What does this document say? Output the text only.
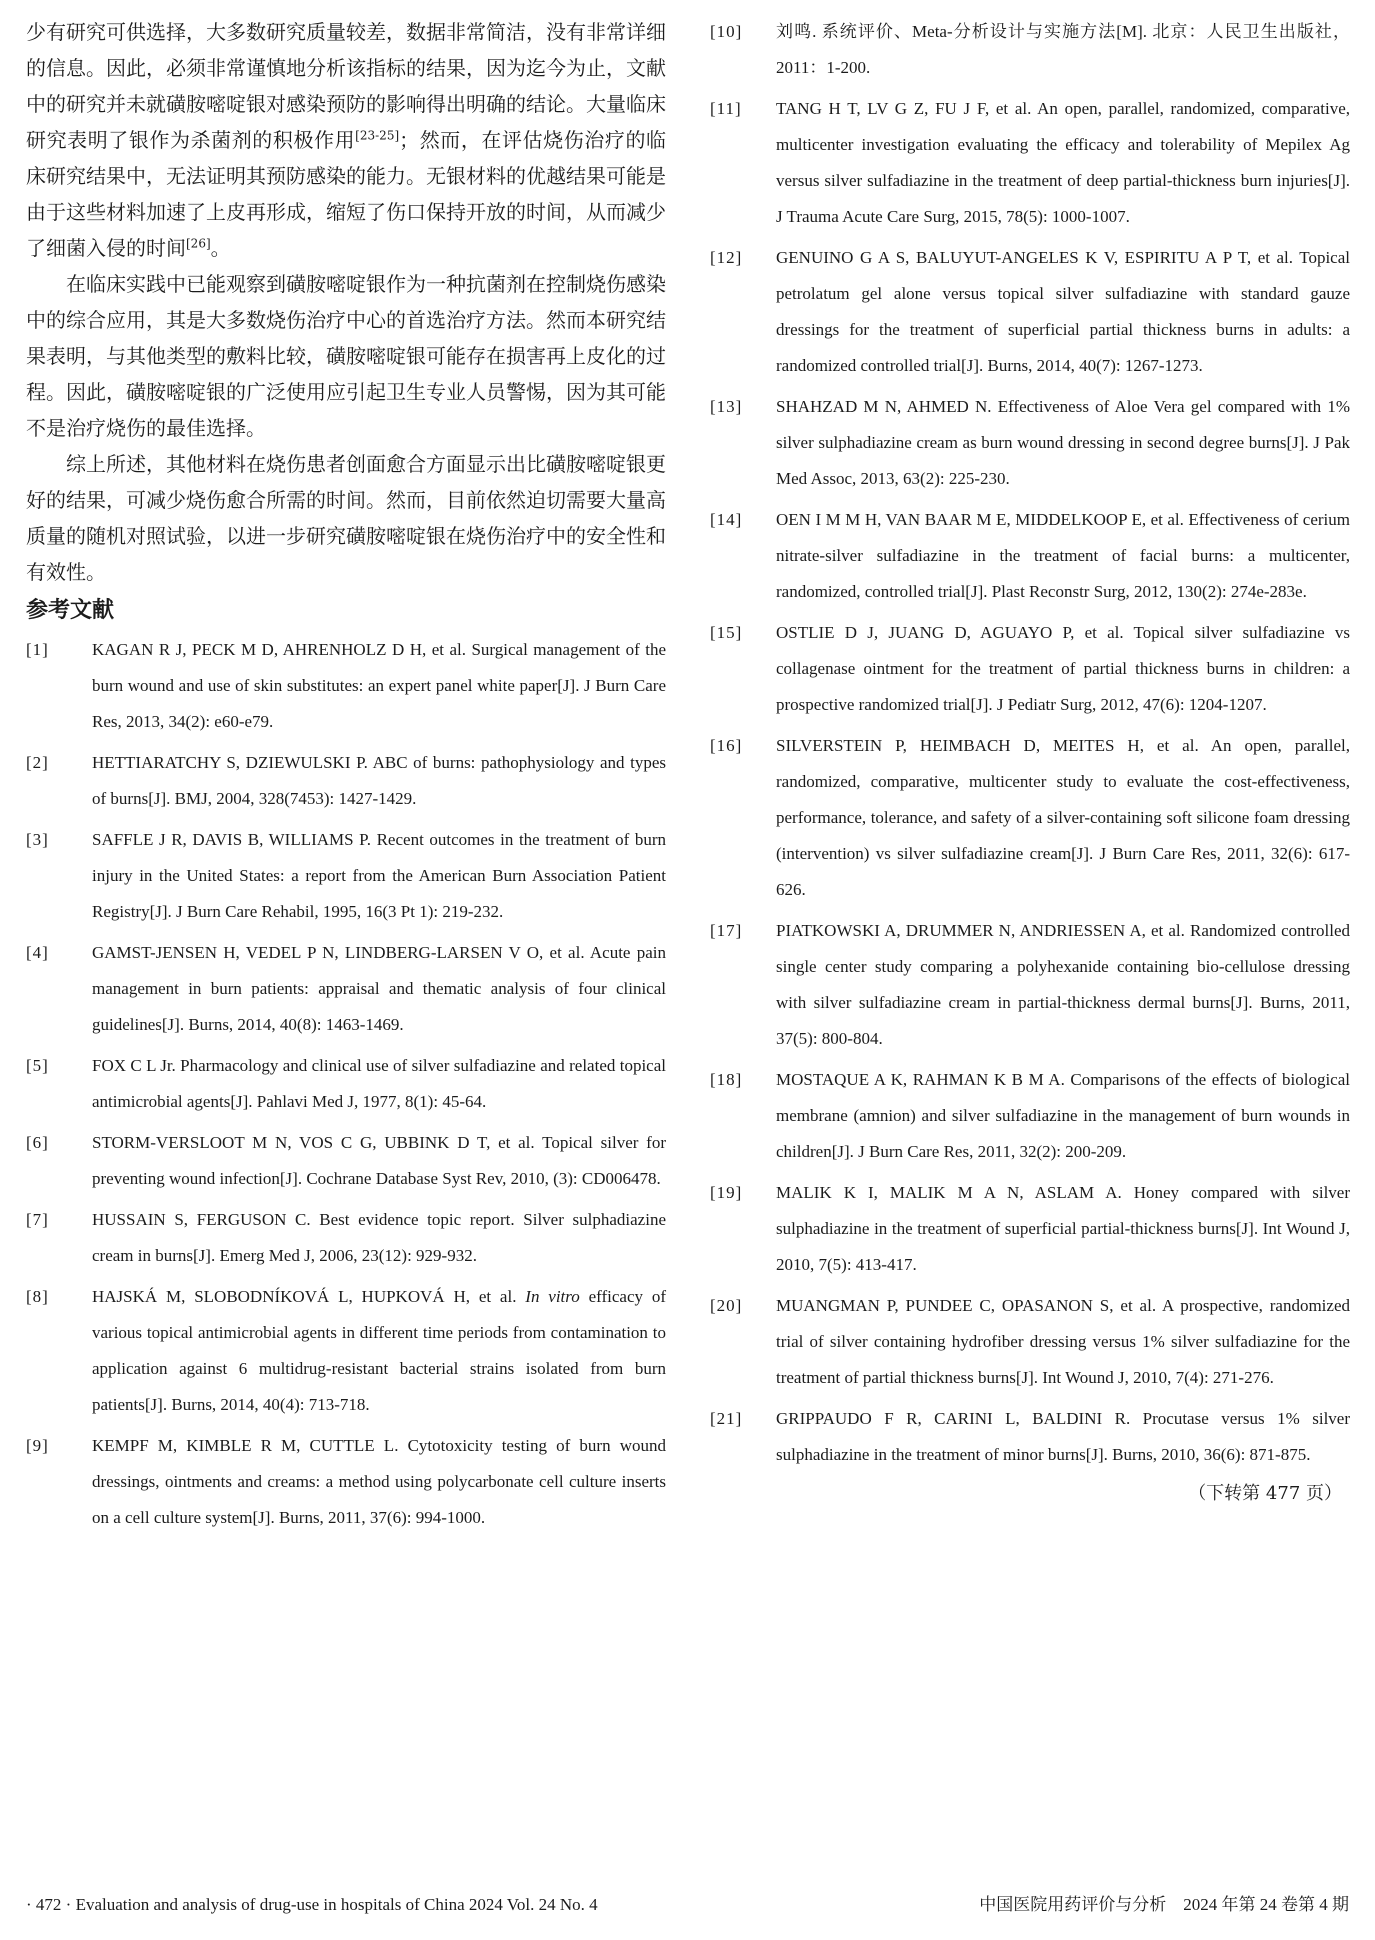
少有研究可供选择，大多数研究质量较差，数据非常简洁，没有非常详细的信息。因此，必须非常谨慎地分析该指标的结果，因为迄今为止，文献中的研究并未就磺胺嘧啶银对感染预防的影响得出明确的结论。大量临床研究表明了银作为杀菌剂的积极作用[23-25]；然而，在评估烧伤治疗的临床研究结果中，无法证明其预防感染的能力。无银材料的优越结果可能是由于这些材料加速了上皮再形成，缩短了伤口保持开放的时间，从而减少了细菌入侵的时间[26]。

在临床实践中已能观察到磺胺嘧啶银作为一种抗菌剂在控制烧伤感染中的综合应用，其是大多数烧伤治疗中心的首选治疗方法。然而本研究结果表明，与其他类型的敷料比较，磺胺嘧啶银可能存在损害再上皮化的过程。因此，磺胺嘧啶银的广泛使用应引起卫生专业人员警惕，因为其可能不是治疗烧伤的最佳选择。

综上所述，其他材料在烧伤患者创面愈合方面显示出比磺胺嘧啶银更好的结果，可减少烧伤愈合所需的时间。然而，目前依然迫切需要大量高质量的随机对照试验，以进一步研究磺胺嘧啶银在烧伤治疗中的安全性和有效性。

参考文献
[1]	KAGAN R J, PECK M D, AHRENHOLZ D H, et al. Surgical management of the burn wound and use of skin substitutes: an expert panel white paper[J]. J Burn Care Res, 2013, 34(2): e60-e79.
[2]	HETTIARATCHY S, DZIEWULSKI P. ABC of burns: pathophysiology and types of burns[J]. BMJ, 2004, 328(7453): 1427-1429.
[3]	SAFFLE J R, DAVIS B, WILLIAMS P. Recent outcomes in the treatment of burn injury in the United States: a report from the American Burn Association Patient Registry[J]. J Burn Care Rehabil, 1995, 16(3 Pt 1): 219-232.
[4]	GAMST-JENSEN H, VEDEL P N, LINDBERG-LARSEN V O, et al. Acute pain management in burn patients: appraisal and thematic analysis of four clinical guidelines[J]. Burns, 2014, 40(8): 1463-1469.
[5]	FOX C L Jr. Pharmacology and clinical use of silver sulfadiazine and related topical antimicrobial agents[J]. Pahlavi Med J, 1977, 8(1): 45-64.
[6]	STORM-VERSLOOT M N, VOS C G, UBBINK D T, et al. Topical silver for preventing wound infection[J]. Cochrane Database Syst Rev, 2010, (3): CD006478.
[7]	HUSSAIN S, FERGUSON C. Best evidence topic report. Silver sulphadiazine cream in burns[J]. Emerg Med J, 2006, 23(12): 929-932.
[8]	HAJSKÁ M, SLOBODNÍKOVÁ L, HUPKOVÁ H, et al. In vitro efficacy of various topical antimicrobial agents in different time periods from contamination to application against 6 multidrug-resistant bacterial strains isolated from burn patients[J]. Burns, 2014, 40(4): 713-718.
[9]	KEMPF M, KIMBLE R M, CUTTLE L. Cytotoxicity testing of burn wound dressings, ointments and creams: a method using polycarbonate cell culture inserts on a cell culture system[J]. Burns, 2011, 37(6): 994-1000.
[10]	刘鸣. 系统评价、Meta-分析设计与实施方法[M]. 北京：人民卫生出版社，2011：1-200.
[11]	TANG H T, LV G Z, FU J F, et al. An open, parallel, randomized, comparative, multicenter investigation evaluating the efficacy and tolerability of Mepilex Ag versus silver sulfadiazine in the treatment of deep partial-thickness burn injuries[J]. J Trauma Acute Care Surg, 2015, 78(5): 1000-1007.
[12]	GENUINO G A S, BALUYUT-ANGELES K V, ESPIRITU A P T, et al. Topical petrolatum gel alone versus topical silver sulfadiazine with standard gauze dressings for the treatment of superficial partial thickness burns in adults: a randomized controlled trial[J]. Burns, 2014, 40(7): 1267-1273.
[13]	SHAHZAD M N, AHMED N. Effectiveness of Aloe Vera gel compared with 1% silver sulphadiazine cream as burn wound dressing in second degree burns[J]. J Pak Med Assoc, 2013, 63(2): 225-230.
[14]	OEN I M M H, VAN BAAR M E, MIDDELKOOP E, et al. Effectiveness of cerium nitrate-silver sulfadiazine in the treatment of facial burns: a multicenter, randomized, controlled trial[J]. Plast Reconstr Surg, 2012, 130(2): 274e-283e.
[15]	OSTLIE D J, JUANG D, AGUAYO P, et al. Topical silver sulfadiazine vs collagenase ointment for the treatment of partial thickness burns in children: a prospective randomized trial[J]. J Pediatr Surg, 2012, 47(6): 1204-1207.
[16]	SILVERSTEIN P, HEIMBACH D, MEITES H, et al. An open, parallel, randomized, comparative, multicenter study to evaluate the cost-effectiveness, performance, tolerance, and safety of a silver-containing soft silicone foam dressing (intervention) vs silver sulfadiazine cream[J]. J Burn Care Res, 2011, 32(6): 617-626.
[17]	PIATKOWSKI A, DRUMMER N, ANDRIESSEN A, et al. Randomized controlled single center study comparing a polyhexanide containing bio-cellulose dressing with silver sulfadiazine cream in partial-thickness dermal burns[J]. Burns, 2011, 37(5): 800-804.
[18]	MOSTAQUE A K, RAHMAN K B M A. Comparisons of the effects of biological membrane (amnion) and silver sulfadiazine in the management of burn wounds in children[J]. J Burn Care Res, 2011, 32(2): 200-209.
[19]	MALIK K I, MALIK M A N, ASLAM A. Honey compared with silver sulphadiazine in the treatment of superficial partial-thickness burns[J]. Int Wound J, 2010, 7(5): 413-417.
[20]	MUANGMAN P, PUNDEE C, OPASANON S, et al. A prospective, randomized trial of silver containing hydrofiber dressing versus 1% silver sulfadiazine for the treatment of partial thickness burns[J]. Int Wound J, 2010, 7(4): 271-276.
[21]	GRIPPAUDO F R, CARINI L, BALDINI R. Procutase versus 1% silver sulphadiazine in the treatment of minor burns[J]. Burns, 2010, 36(6): 871-875.
（下转第 477 页）
· 472 · Evaluation and analysis of drug-use in hospitals of China 2024 Vol. 24 No. 4	中国医院用药评价与分析　2024 年第 24 卷第 4 期
